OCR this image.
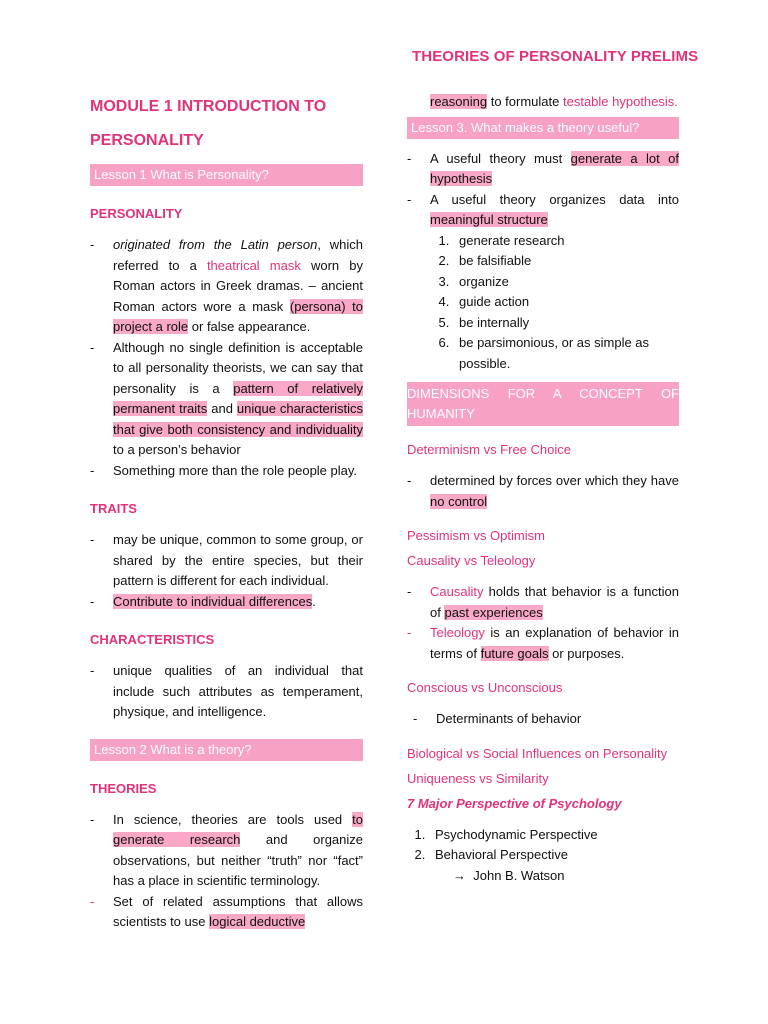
THEORIES OF PERSONALITY PRELIMS

MODULE 1 INTRODUCTION TO
PERSONALITY

Lesson 1 What is Personality?
PERSONALITY
- originated from the Latin person, which referred to a theatrical mask worn by Roman actors in Greek dramas. – ancient Roman actors wore a mask (persona) to project a role or false appearance.
- Although no single definition is acceptable to all personality theorists, we can say that personality is a pattern of relatively permanent traits and unique characteristics that give both consistency and individuality to a person’s behavior
- Something more than the role people play.
TRAITS
- may be unique, common to some group, or shared by the entire species, but their pattern is different for each individual.
- Contribute to individual differences.
CHARACTERISTICS
- unique qualities of an individual that include such attributes as temperament, physique, and intelligence.
Lesson 2 What is a theory?
THEORIES
- In science, theories are tools used to generate research and organize observations, but neither “truth” nor “fact” has a place in scientific terminology.
- Set of related assumptions that allows scientists to use logical deductive
reasoning to formulate testable hypothesis.
Lesson 3. What makes a theory useful?
- A useful theory must generate a lot of hypothesis
- A useful theory organizes data into meaningful structure
1. generate research
2. be falsifiable
3. organize
4. guide action
5. be internally
6. be parsimonious, or as simple as possible.
DIMENSIONS FOR A CONCEPT OF HUMANITY
Determinism vs Free Choice
- determined by forces over which they have no control
Pessimism vs Optimism
Causality vs Teleology
- Causality holds that behavior is a function of past experiences
- Teleology is an explanation of behavior in terms of future goals or purposes.
Conscious vs Unconscious
- Determinants of behavior
Biological vs Social Influences on Personality
Uniqueness vs Similarity
7 Major Perspective of Psychology
1. Psychodynamic Perspective
2. Behavioral Perspective
→  John B. Watson
